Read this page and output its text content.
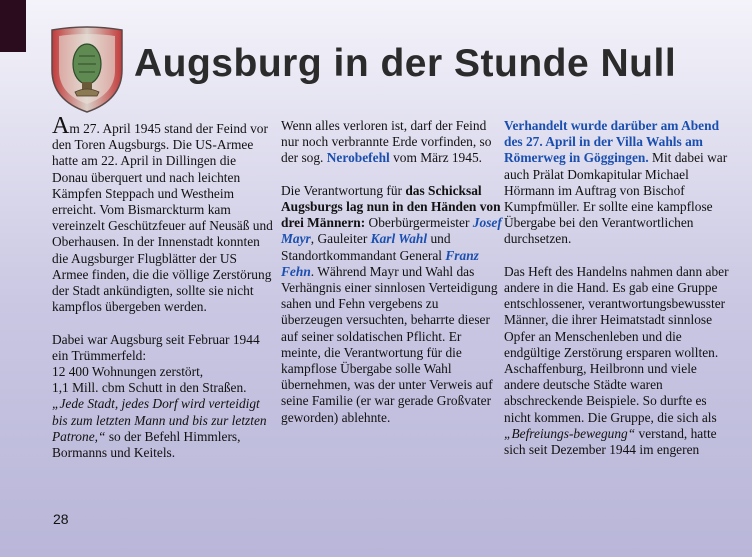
Augsburg in der Stunde Null

Am 27. April 1945 stand der Feind vor den Toren Augsburgs. Die US-Armee hatte am 22. April in Dillingen die Donau überquert und nach leichten Kämpfen Steppach und Westheim erreicht. Vom Bismarckturm kam vereinzelt Geschützfeuer auf Neusäß und Oberhausen. In der Innenstadt konnten die Augsburger Flugblätter der US Armee finden, die die völlige Zerstörung der Stadt ankündigten, sollte sie nicht kampflos übergeben werden.

Dabei war Augsburg seit Februar 1944 ein Trümmerfeld:
12 400 Wohnungen zerstört,
1,1 Mill. cbm Schutt in den Straßen. „Jede Stadt, jedes Dorf wird verteidigt bis zum letzten Mann und bis zur letzten Patrone,“ so der Befehl Himmlers, Bormanns und Keitels.

Wenn alles verloren ist, darf der Feind nur noch verbrannte Erde vorfinden, so der sog. Nerobefehl vom März 1945.

Die Verantwortung für das Schicksal Augsburgs lag nun in den Händen von drei Männern: Oberbürgermeister Josef Mayr, Gauleiter Karl Wahl und Standortkommandant General Franz Fehn. Während Mayr und Wahl das Verhängnis einer sinnlosen Verteidigung sahen und Fehn vergebens zu überzeugen versuchten, beharrte dieser auf seiner soldatischen Pflicht. Er meinte, die Verantwortung für die kampflose Übergabe solle Wahl übernehmen, was der unter Verweis auf seine Familie (er war gerade Großvater geworden) ablehnte.

Verhandelt wurde darüber am Abend des 27. April in der Villa Wahls am Römerweg in Göggingen. Mit dabei war auch Prälat Domkapitular Michael Hörmann im Auftrag von Bischof Kumpfmüller. Er sollte eine kampflose Übergabe bei den Verantwortlichen durchsetzen.

Das Heft des Handelns nahmen dann aber andere in die Hand. Es gab eine Gruppe entschlossener, verantwortungsbewusster Männer, die ihrer Heimatstadt sinnlose Opfer an Menschenleben und die endgültige Zerstörung ersparen wollten. Aschaffenburg, Heilbronn und viele andere deutsche Städte waren abschreckende Beispiele. So durfte es nicht kommen. Die Gruppe, die sich als „Befreiungs-bewegung“ verstand, hatte sich seit Dezember 1944 im engeren

28
